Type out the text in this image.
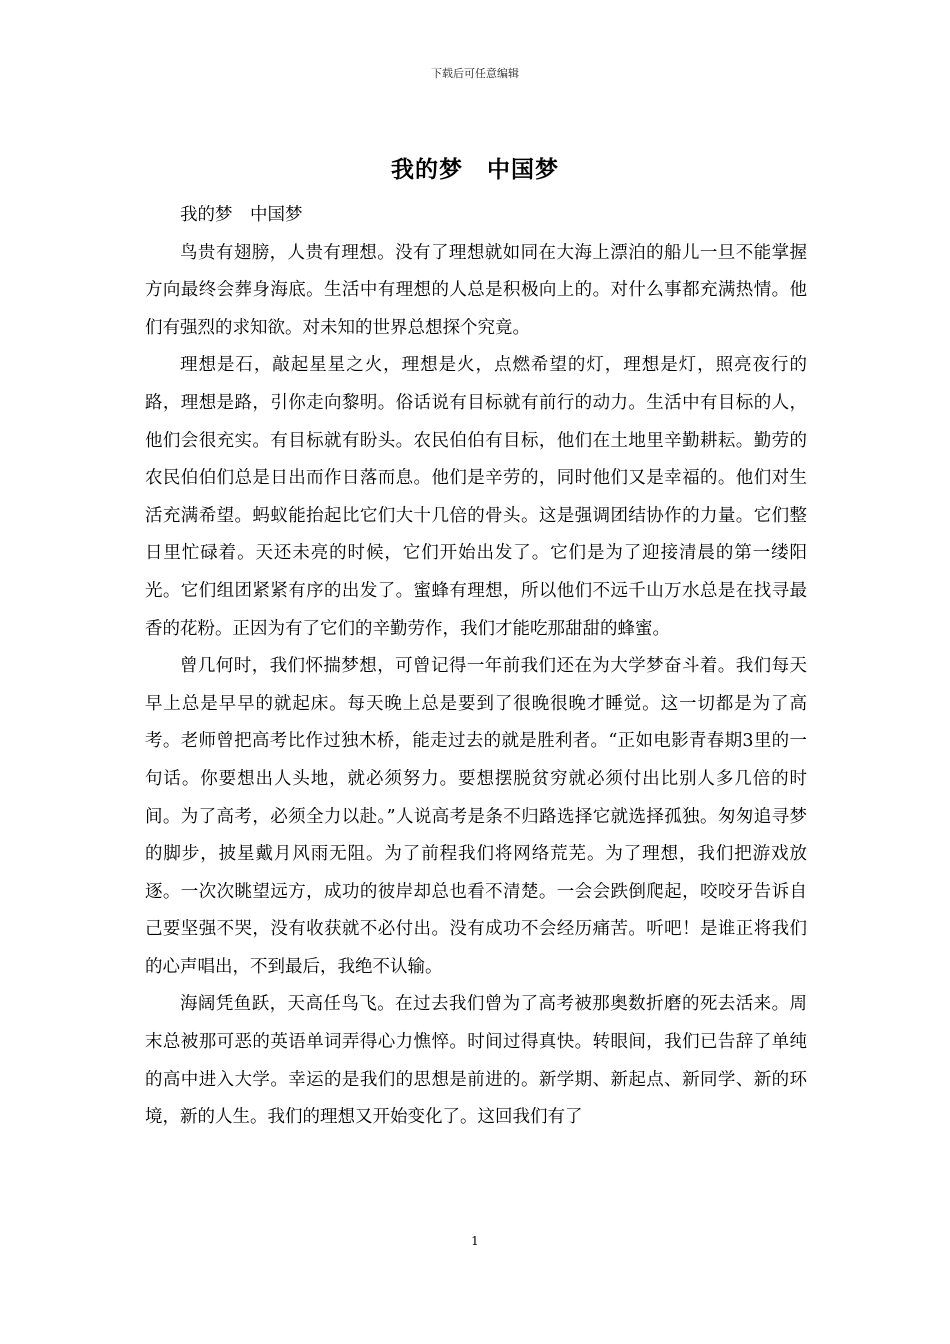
下载后可任意编辑
我的梦　中国梦

我的梦　中国梦

鸟贵有翅膀，人贵有理想。没有了理想就如同在大海上漂泊的船儿一旦不能掌握方向最终会葬身海底。生活中有理想的人总是积极向上的。对什么事都充满热情。他们有强烈的求知欲。对未知的世界总想探个究竟。

理想是石，敲起星星之火，理想是火，点燃希望的灯，理想是灯，照亮夜行的路，理想是路，引你走向黎明。俗话说有目标就有前行的动力。生活中有目标的人，他们会很充实。有目标就有盼头。农民伯伯有目标，他们在土地里辛勤耕耘。勤劳的农民伯伯们总是日出而作日落而息。他们是辛劳的，同时他们又是幸福的。他们对生活充满希望。蚂蚁能抬起比它们大十几倍的骨头。这是强调团结协作的力量。它们整日里忙碌着。天还未亮的时候，它们开始出发了。它们是为了迎接清晨的第一缕阳光。它们组团紧紧有序的出发了。蜜蜂有理想，所以他们不远千山万水总是在找寻最香的花粉。正因为有了它们的辛勤劳作，我们才能吃那甜甜的蜂蜜。

曾几何时，我们怀揣梦想，可曾记得一年前我们还在为大学梦奋斗着。我们每天早上总是早早的就起床。每天晚上总是要到了很晚很晚才睡觉。这一切都是为了高考。老师曾把高考比作过独木桥，能走过去的就是胜利者。“正如电影青春期3里的一句话。你要想出人头地，就必须努力。要想摆脱贫穷就必须付出比别人多几倍的时间。为了高考，必须全力以赴。”人说高考是条不归路选择它就选择孤独。匆匆追寻梦的脚步，披星戴月风雨无阻。为了前程我们将网络荒芜。为了理想，我们把游戏放逐。一次次眺望远方，成功的彼岸却总也看不清楚。一会会跌倒爬起，咬咬牙告诉自己要坚强不哭，没有收获就不必付出。没有成功不会经历痛苦。听吧！是谁正将我们的心声唱出，不到最后，我绝不认输。

海阔凭鱼跃，天高任鸟飞。在过去我们曾为了高考被那奥数折磨的死去活来。周末总被那可恶的英语单词弄得心力憔悴。时间过得真快。转眼间，我们已告辞了单纯的高中进入大学。幸运的是我们的思想是前进的。新学期、新起点、新同学、新的环境，新的人生。我们的理想又开始变化了。这回我们有了

1
